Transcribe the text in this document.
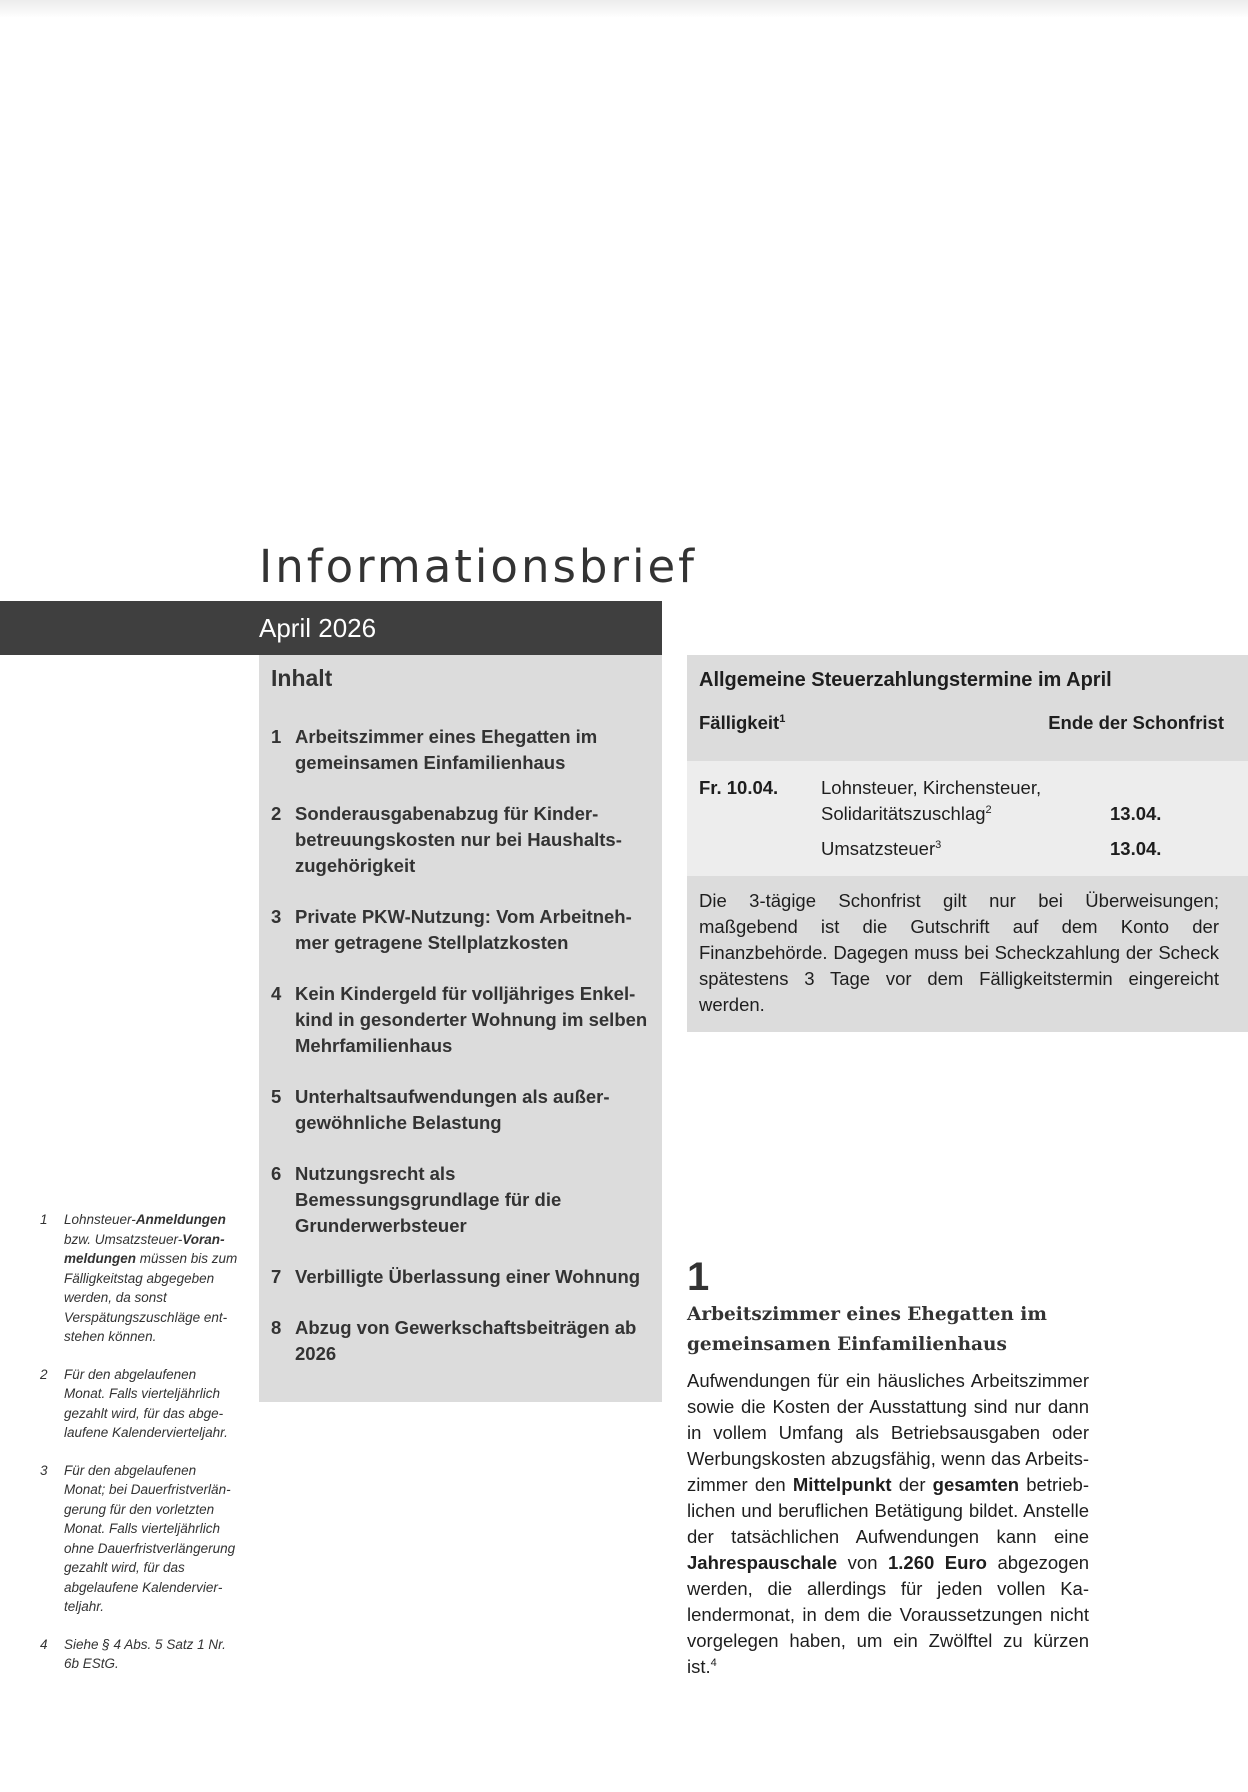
Informationsbrief
April 2026
Inhalt
1 Arbeitszimmer eines Ehegatten im gemeinsamen Einfamilienhaus
2 Sonderausgabenabzug für Kinderbetreuungskosten nur bei Haushaltszugehörigkeit
3 Private PKW-Nutzung: Vom Arbeitnehmer getragene Stellplatzkosten
4 Kein Kindergeld für volljähriges Enkelkind in gesonderter Wohnung im selben Mehrfamilienhaus
5 Unterhaltsaufwendungen als außergewöhnliche Belastung
6 Nutzungsrecht als Bemessungsgrundlage für die Grunderwerbsteuer
7 Verbilligte Überlassung einer Wohnung
8 Abzug von Gewerkschaftsbeiträgen ab 2026
Allgemeine Steuerzahlungstermine im April
Fälligkeit$^1$	Ende der Schonfrist
Fr. 10.04. Lohnsteuer, Kirchensteuer,
Solidaritätszuschlag$^2$	13.04.
Umsatzsteuer$^3$	13.04.
Die 3-tägige Schonfrist gilt nur bei Überweisungen; maßgebend ist die Gutschrift auf dem Konto der Finanzbehörde. Dagegen muss bei Scheckzahlung der Scheck spätestens 3 Tage vor dem Fälligkeitstermin eingereicht werden.
1
Arbeitszimmer eines Ehegatten im gemeinsamen Einfamilienhaus

Aufwendungen für ein häusliches Arbeitszimmer sowie die Kosten der Ausstattung sind nur dann in vollem Umfang als Betriebsausgaben oder Werbungskosten abzugsfähig, wenn das Arbeitszimmer den Mittelpunkt der gesamten betrieblichen und beruflichen Betätigung bildet. Anstelle der tatsächlichen Aufwendungen kann eine Jahrespauschale von 1.260 Euro abgezogen werden, die allerdings für jeden vollen Kalendermonat, in dem die Voraussetzungen nicht vorgelegen haben, um ein Zwölftel zu kürzen ist.$^4$

1	Lohnsteuer-Anmeldungen bzw. Umsatzsteuer-Voranmeldungen müssen bis zum Fälligkeitstag abgegeben werden, da sonst Verspätungszuschläge entstehen können.
2	Für den abgelaufenen Monat. Falls vierteljährlich gezahlt wird, für das abgelaufene Kalendervierteljahr.
3	Für den abgelaufenen Monat; bei Dauerfristverlängerung für den vorletzten Monat. Falls vierteljährlich ohne Dauerfristverlängerung gezahlt wird, für das abgelaufene Kalendervierteljahr.
4	Siehe § 4 Abs. 5 Satz 1 Nr. 6b EStG.
